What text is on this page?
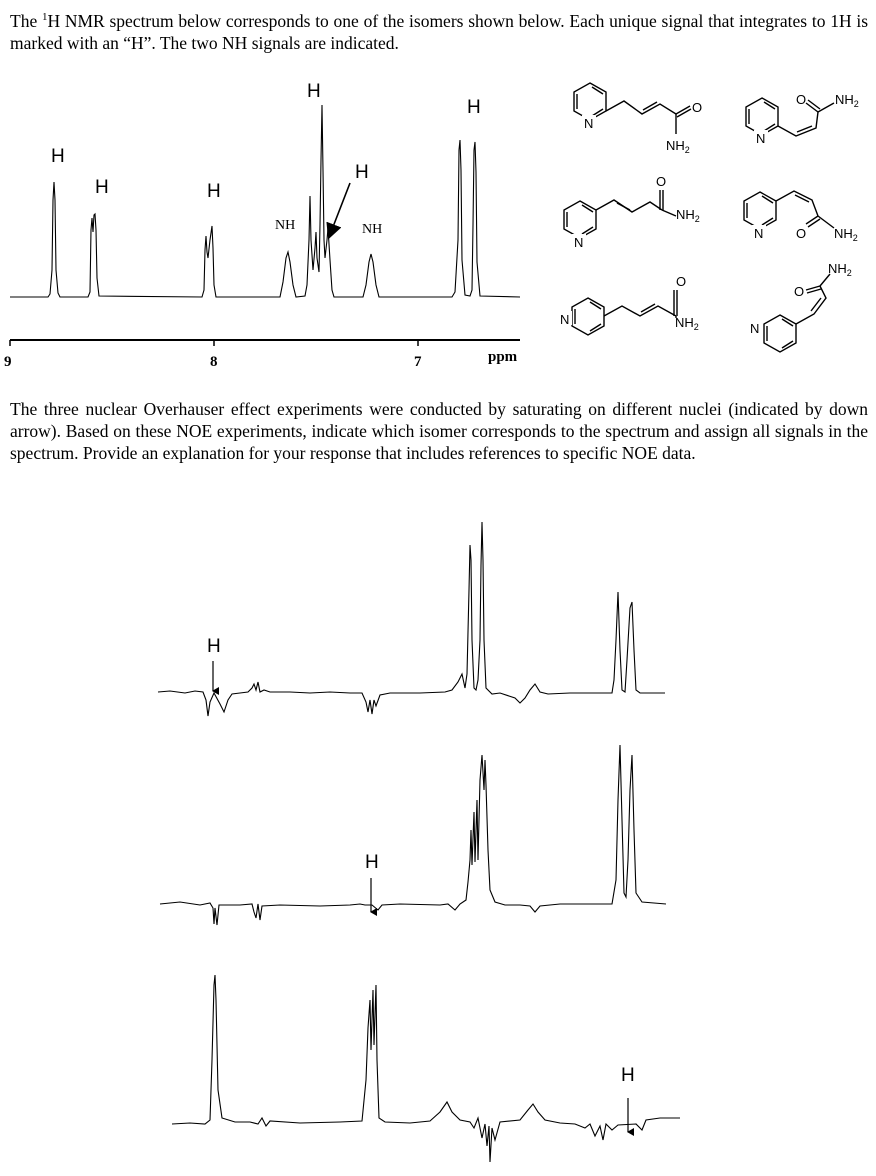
The $^1$H NMR spectrum below corresponds to one of the isomers shown below. Each unique signal that integrates to 1H is marked with an “H”. The two NH signals are indicated.

The three nuclear Overhauser effect experiments were conducted by saturating on different nuclei (indicated by down arrow). Based on these NOE experiments, indicate which isomer corresponds to the spectrum and assign all signals in the spectrum. Provide an explanation for your response that includes references to specific NOE data.

H
H	H
H
H
H
NH	NH
9	8	7	ppm
N
O
$NH_2$
N
O $NH_2$
N
O
$NH_2$
N	O $NH_2$
N
O
$NH_2$	N
O
$NH_2$
H
H
H
